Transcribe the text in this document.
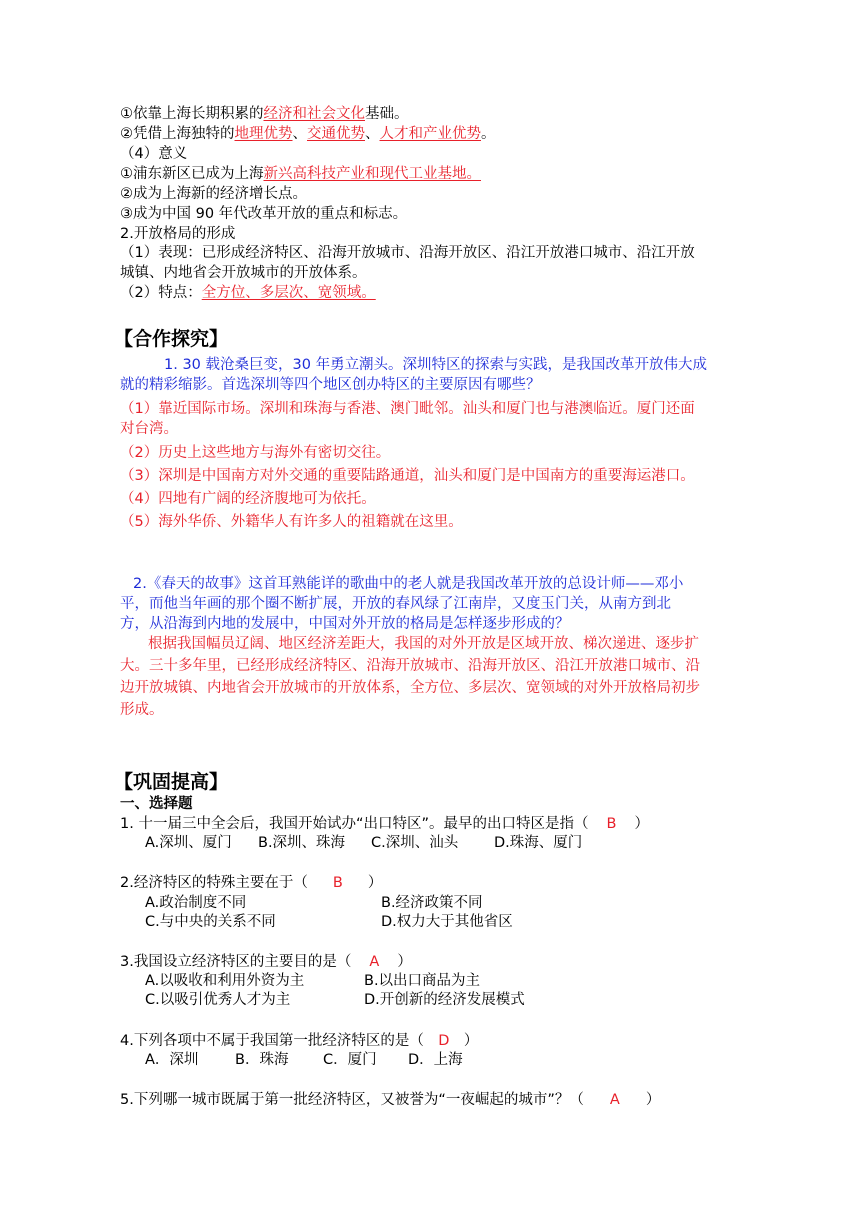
①依靠上海长期积累的经济和社会文化基础。
②凭借上海独特的地理优势、交通优势、人才和产业优势。
（4）意义
①浦东新区已成为上海新兴高科技产业和现代工业基地。
②成为上海新的经济增长点。
③成为中国 90 年代改革开放的重点和标志。
2.开放格局的形成
（1）表现：已形成经济特区、沿海开放城市、沿海开放区、沿江开放港口城市、沿江开放
城镇、内地省会开放城市的开放体系。
（2）特点：全方位、多层次、宽领域。
【合作探究】
1. 30 载沧桑巨变，30 年勇立潮头。深圳特区的探索与实践，是我国改革开放伟大成
就的精彩缩影。首选深圳等四个地区创办特区的主要原因有哪些？
（1）靠近国际市场。深圳和珠海与香港、澳门毗邻。汕头和厦门也与港澳临近。厦门还面
对台湾。
（2）历史上这些地方与海外有密切交往。
（3）深圳是中国南方对外交通的重要陆路通道，汕头和厦门是中国南方的重要海运港口。
（4）四地有广阔的经济腹地可为依托。
（5）海外华侨、外籍华人有许多人的祖籍就在这里。
2.《春天的故事》这首耳熟能详的歌曲中的老人就是我国改革开放的总设计师——邓小
平，而他当年画的那个圈不断扩展，开放的春风绿了江南岸，又度玉门关，从南方到北
方，从沿海到内地的发展中，中国对外开放的格局是怎样逐步形成的？
根据我国幅员辽阔、地区经济差距大，我国的对外开放是区域开放、梯次递进、逐步扩
大。三十多年里，已经形成经济特区、沿海开放城市、沿海开放区、沿江开放港口城市、沿
边开放城镇、内地省会开放城市的开放体系，全方位、多层次、宽领域的对外开放格局初步
形成。
【巩固提高】
一、选择题
1. 十一届三中全会后，我国开始试办“出口特区”。最早的出口特区是指（ B ）
A.深圳、厦门 B.深圳、珠海 C.深圳、汕头 D.珠海、厦门
2.经济特区的特殊主要在于（ B ）
A.政治制度不同	B.经济政策不同
C.与中央的关系不同	D.权力大于其他省区
3.我国设立经济特区的主要目的是（ A ）
A.以吸收和利用外资为主	B.以出口商品为主
C.以吸引优秀人才为主	D.开创新的经济发展模式
4.下列各项中不属于我国第一批经济特区的是（ D ）
A．深圳	B．珠海 C．厦门 D．上海
5.下列哪一城市既属于第一批经济特区，又被誉为“一夜崛起的城市”？（ A ）
